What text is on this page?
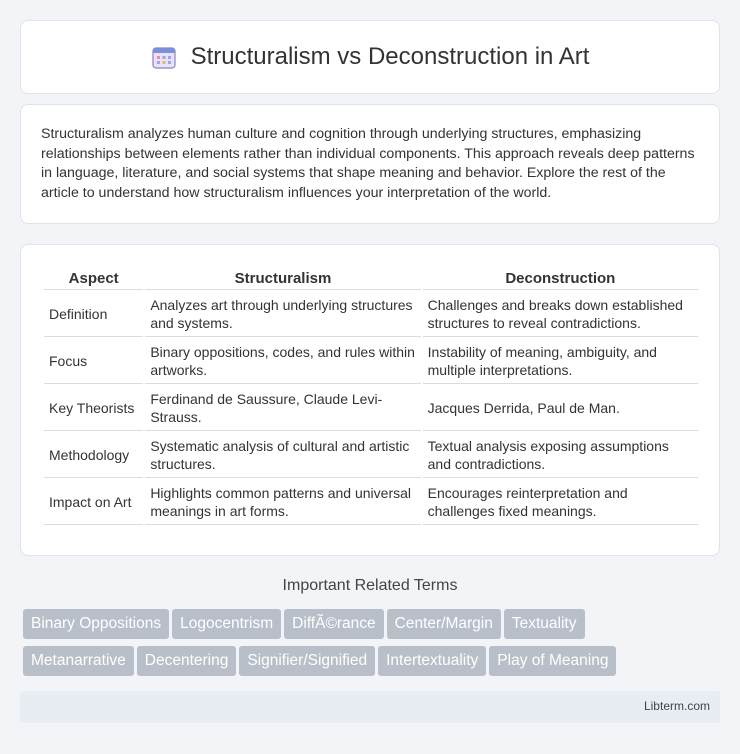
Structuralism vs Deconstruction in Art

Structuralism analyzes human culture and cognition through underlying structures, emphasizing relationships between elements rather than individual components. This approach reveals deep patterns in language, literature, and social systems that shape meaning and behavior. Explore the rest of the article to understand how structuralism influences your interpretation of the world.

Aspect	Structuralism	Deconstruction
Definition	Analyzes art through underlying structures and systems.	Challenges and breaks down established structures to reveal contradictions.
Focus	Binary oppositions, codes, and rules within artworks.	Instability of meaning, ambiguity, and multiple interpretations.
Key Theorists	Ferdinand de Saussure, Claude Levi-Strauss.	Jacques Derrida, Paul de Man.
Methodology	Systematic analysis of cultural and artistic structures.	Textual analysis exposing assumptions and contradictions.
Impact on Art	Highlights common patterns and universal meanings in art forms.	Encourages reinterpretation and challenges fixed meanings.
Important Related Terms
Binary Oppositions Logocentrism DiffÃ©rance Center/Margin Textuality
Metanarrative Decentering Signifier/Signified Intertextuality Play of Meaning
Libterm.com
